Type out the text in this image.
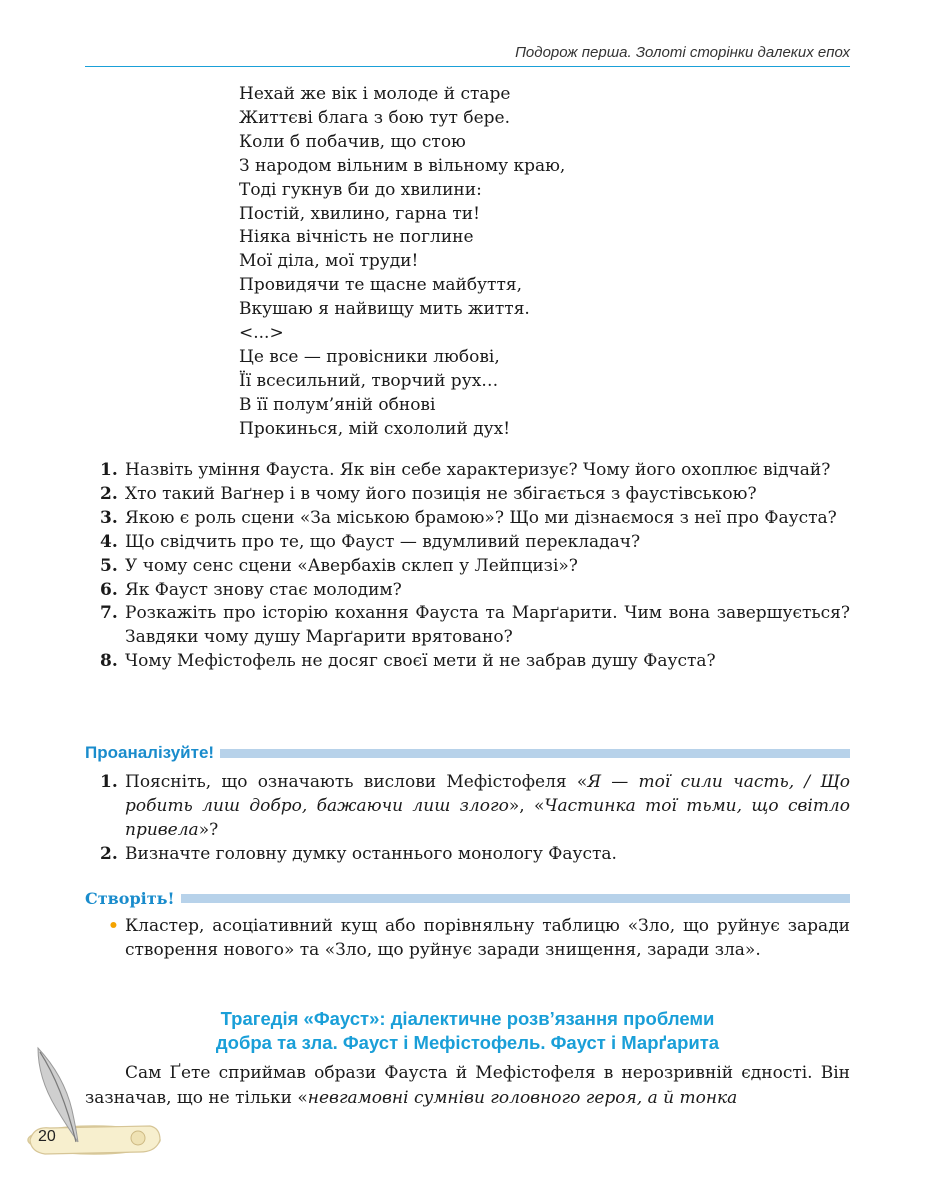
Подорож перша. Золоті сторінки далеких епох
Нехай же вік і молоде й старе
Життєві блага з бою тут бере.
Коли б побачив, що стою
З народом вільним в вільному краю,
Тоді гукнув би до хвилини:
Постій, хвилино, гарна ти!
Ніяка вічність не поглине
Мої діла, мої труди!
Провидячи те щасне майбуття,
Вкушаю я найвищу мить життя.
<...>
Це все — провісники любові,
Її всесильний, творчий рух…
В її полум’яній обнові
Прокинься, мій схололий дух!
1. Назвіть уміння Фауста. Як він себе характеризує? Чому його охоплює відчай?
2. Хто такий Ваґнер і в чому його позиція не збігається з фаустівською?
3. Якою є роль сцени «За міською брамою»? Що ми дізнаємося з неї про Фауста?
4. Що свідчить про те, що Фауст — вдумливий перекладач?
5. У чому сенс сцени «Авербахів склеп у Лейпцизі»?
6. Як Фауст знову стає молодим?
7. Розкажіть про історію кохання Фауста та Марґарити. Чим вона завершується? Завдяки чому душу Марґарити врятовано?
8. Чому Мефістофель не досяг своєї мети й не забрав душу Фауста?
Проаналізуйте!
1. Поясніть, що означають вислови Мефістофеля «Я — тої сили часть, / Що робить лиш добро, бажаючи лиш злого», «Частинка тої тьми, що світло привела»?
2. Визначте головну думку останнього монологу Фауста.
Створіть!
• Кластер, асоціативний кущ або порівняльну таблицю «Зло, що руйнує заради створення нового» та «Зло, що руйнує заради знищення, заради зла».
Трагедія «Фауст»: діалектичне розв’язання проблеми
добра та зла. Фауст і Мефістофель. Фауст і Марґарита
Сам Ґете сприймав образи Фауста й Мефістофеля в нерозривній єдності. Він зазначав, що не тільки «невгамовні сумніви головного героя, а й тонка
20
